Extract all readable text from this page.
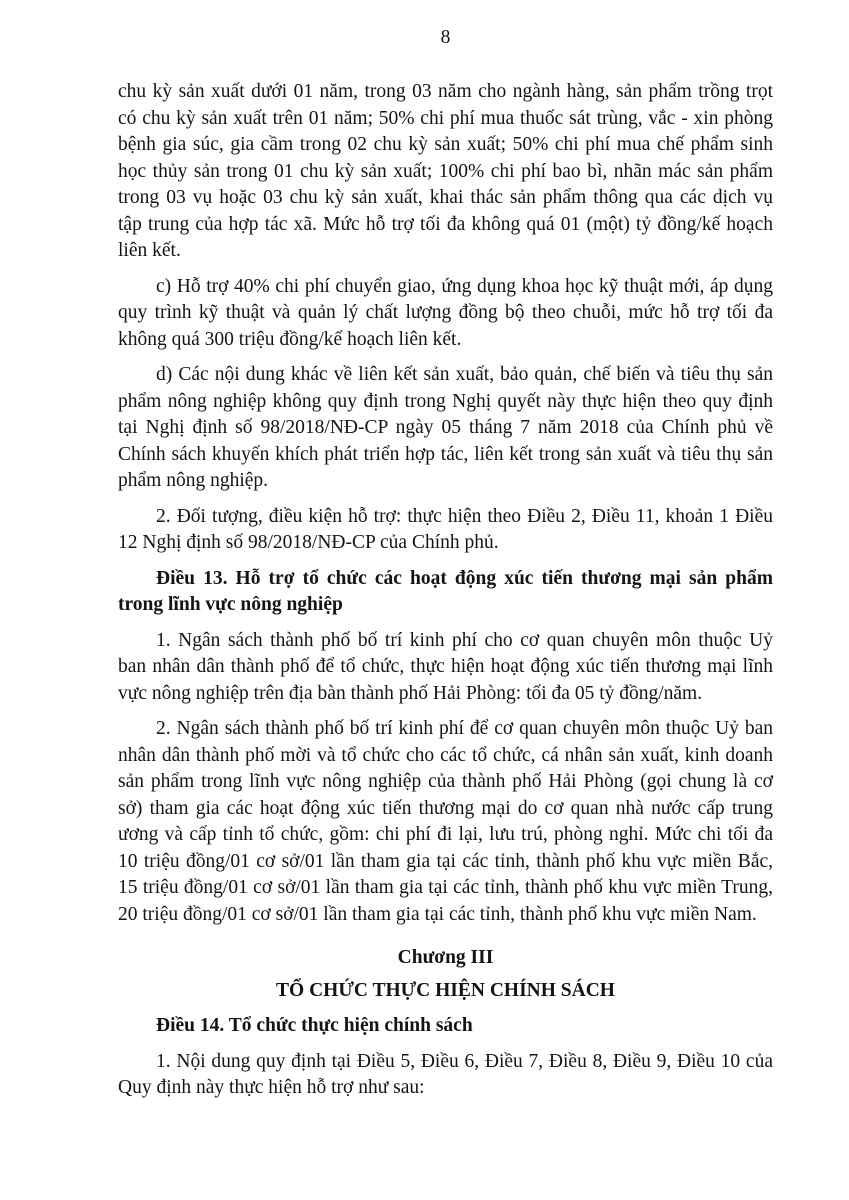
8
chu kỳ sản xuất dưới 01 năm, trong 03 năm cho ngành hàng, sản phẩm trồng trọt
có chu kỳ sản xuất trên 01 năm; 50% chi phí mua thuốc sát trùng, vắc - xin phòng
bệnh gia súc, gia cầm trong 02 chu kỳ sản xuất; 50% chi phí mua chế phẩm sinh
học thủy sản trong 01 chu kỳ sản xuất; 100% chi phí bao bì, nhãn mác sản phẩm
trong 03 vụ hoặc 03 chu kỳ sản xuất, khai thác sản phẩm thông qua các dịch vụ
tập trung của hợp tác xã. Mức hỗ trợ tối đa không quá 01 (một) tỷ đồng/kế hoạch
liên kết.
c) Hỗ trợ 40% chi phí chuyển giao, ứng dụng khoa học kỹ thuật mới, áp dụng
quy trình kỹ thuật và quản lý chất lượng đồng bộ theo chuỗi, mức hỗ trợ tối đa
không quá 300 triệu đồng/kế hoạch liên kết.
d) Các nội dung khác về liên kết sản xuất, bảo quản, chế biến và tiêu thụ sản
phẩm nông nghiệp không quy định trong Nghị quyết này thực hiện theo quy định
tại Nghị định số 98/2018/NĐ-CP ngày 05 tháng 7 năm 2018 của Chính phủ về
Chính sách khuyến khích phát triển hợp tác, liên kết trong sản xuất và tiêu thụ sản
phẩm nông nghiệp.
2. Đối tượng, điều kiện hỗ trợ: thực hiện theo Điều 2, Điều 11, khoản 1 Điều
12 Nghị định số 98/2018/NĐ-CP của Chính phủ.
Điều 13. Hỗ trợ tổ chức các hoạt động xúc tiến thương mại sản phẩm
trong lĩnh vực nông nghiệp
1. Ngân sách thành phố bố trí kinh phí cho cơ quan chuyên môn thuộc Uỷ
ban nhân dân thành phố để tổ chức, thực hiện hoạt động xúc tiến thương mại lĩnh
vực nông nghiệp trên địa bàn thành phố Hải Phòng: tối đa 05 tỷ đồng/năm.
2. Ngân sách thành phố bố trí kinh phí để cơ quan chuyên môn thuộc Uỷ ban
nhân dân thành phố mời và tổ chức cho các tổ chức, cá nhân sản xuất, kinh doanh
sản phẩm trong lĩnh vực nông nghiệp của thành phố Hải Phòng (gọi chung là cơ
sở) tham gia các hoạt động xúc tiến thương mại do cơ quan nhà nước cấp trung
ương và cấp tỉnh tổ chức, gồm: chi phí đi lại, lưu trú, phòng nghỉ. Mức chi tối đa
10 triệu đồng/01 cơ sở/01 lần tham gia tại các tỉnh, thành phố khu vực miền Bắc,
15 triệu đồng/01 cơ sở/01 lần tham gia tại các tỉnh, thành phố khu vực miền Trung,
20 triệu đồng/01 cơ sở/01 lần tham gia tại các tỉnh, thành phố khu vực miền Nam.
Chương III
TỔ CHỨC THỰC HIỆN CHÍNH SÁCH
Điều 14. Tổ chức thực hiện chính sách
1. Nội dung quy định tại Điều 5, Điều 6, Điều 7, Điều 8, Điều 9, Điều 10 của
Quy định này thực hiện hỗ trợ như sau:
